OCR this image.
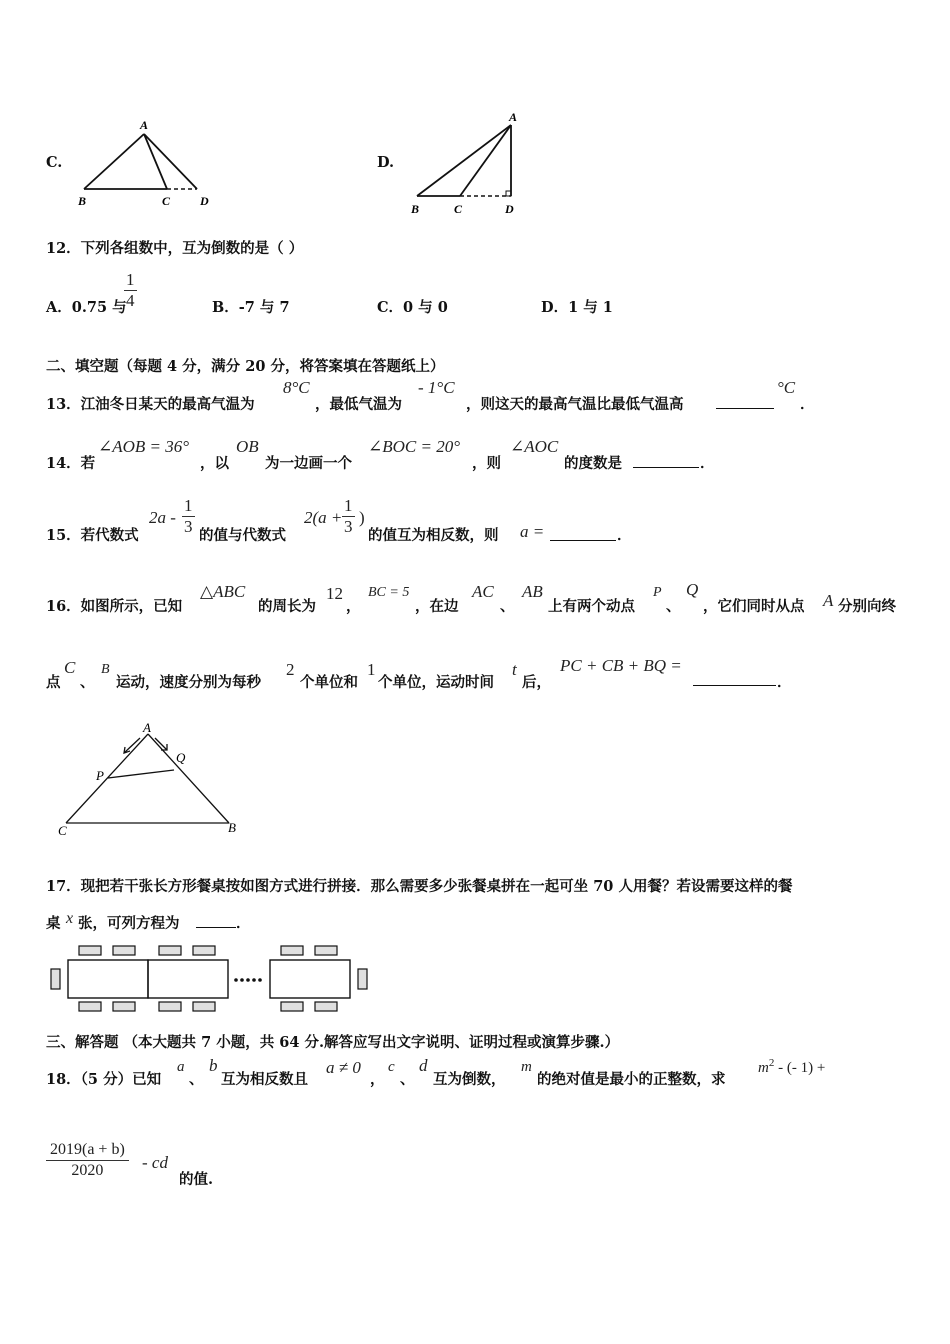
C.
A
B	C D
D.
A
B	C	D
12．下列各组数中，互为倒数的是（ ）
A．0.75 与
$\frac{1}{4}$	B．-7 与 7	C．0 与 0	D．1 与 1
二、填空题（每题 4 分，满分 20 分，将答案填在答题纸上）
13．江油冬日某天的最高气温为
8°C
，最低气温为
- 1°C
，则这天的最高气温比最低气温高
°C
．
14．若
∠AOB = 36°
，以
OB
为一边画一个
∠BOC = 20°
，则
∠AOC
的度数是	．
15．若代数式
$2a - \frac{1}{3}$ 的值与代数式
$2(a + \frac{1}{3}$ )
的值互为相反数，则 a =	．
16．如图所示，已知
△ABC
的周长为
12
，
BC = 5
，在边
AC
、
AB
上有两个动点
P
、
Q
，它们同时从点 A 分别向终
点
C
、
B
运动，速度分别为每秒
2
个单位和
1
个单位，运动时间
t
后，
PC + CB + BQ =
．
A
P
Q
C	B
17．现把若干张长方形餐桌按如图方式进行拼接．那么需要多少张餐桌拼在一起可坐 70 人用餐？若设需要这样的餐
桌 x 张，可列方程为	．
三、解答题 （本大题共 7 小题，共 64 分.解答应写出文字说明、证明过程或演算步骤.）
18．（5 分）已知
a
、
b
互为相反数且
a ≠ 0
，
c
、
d
互为倒数，
m
的绝对值是最小的正整数，求
$m^2$ - (- 1) +
$\frac{2019(a + b)}{2020}$ - cd
的值.
